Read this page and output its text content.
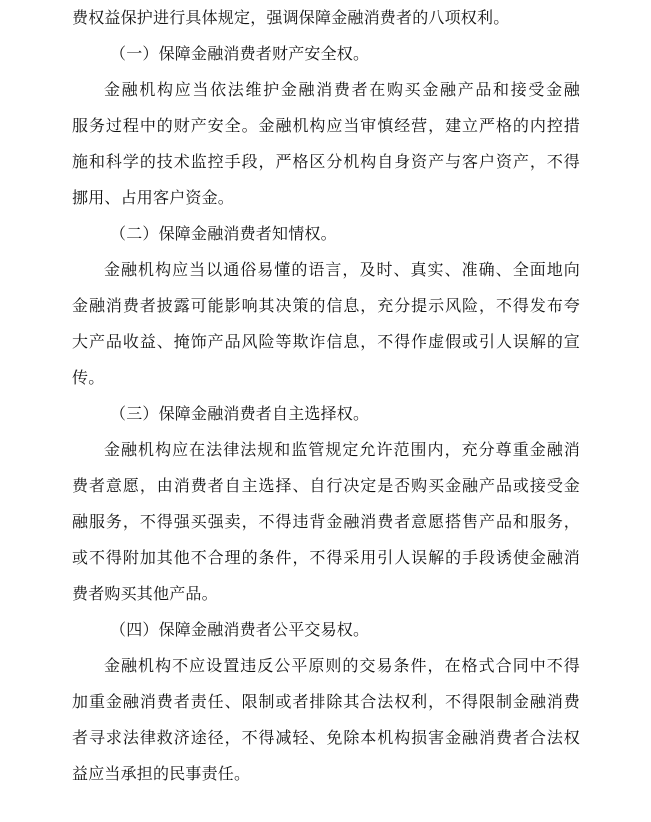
费权益保护进行具体规定，强调保障金融消费者的八项权利。
（一）保障金融消费者财产安全权。
金融机构应当依法维护金融消费者在购买金融产品和接受金融
服务过程中的财产安全。金融机构应当审慎经营，建立严格的内控措
施和科学的技术监控手段，严格区分机构自身资产与客户资产，不得
挪用、占用客户资金。
（二）保障金融消费者知情权。
金融机构应当以通俗易懂的语言，及时、真实、准确、全面地向
金融消费者披露可能影响其决策的信息，充分提示风险，不得发布夸
大产品收益、掩饰产品风险等欺诈信息，不得作虚假或引人误解的宣
传。
（三）保障金融消费者自主选择权。
金融机构应在法律法规和监管规定允许范围内，充分尊重金融消
费者意愿，由消费者自主选择、自行决定是否购买金融产品或接受金
融服务，不得强买强卖，不得违背金融消费者意愿搭售产品和服务，
或不得附加其他不合理的条件，不得采用引人误解的手段诱使金融消
费者购买其他产品。
（四）保障金融消费者公平交易权。
金融机构不应设置违反公平原则的交易条件，在格式合同中不得
加重金融消费者责任、限制或者排除其合法权利，不得限制金融消费
者寻求法律救济途径，不得减轻、免除本机构损害金融消费者合法权
益应当承担的民事责任。
